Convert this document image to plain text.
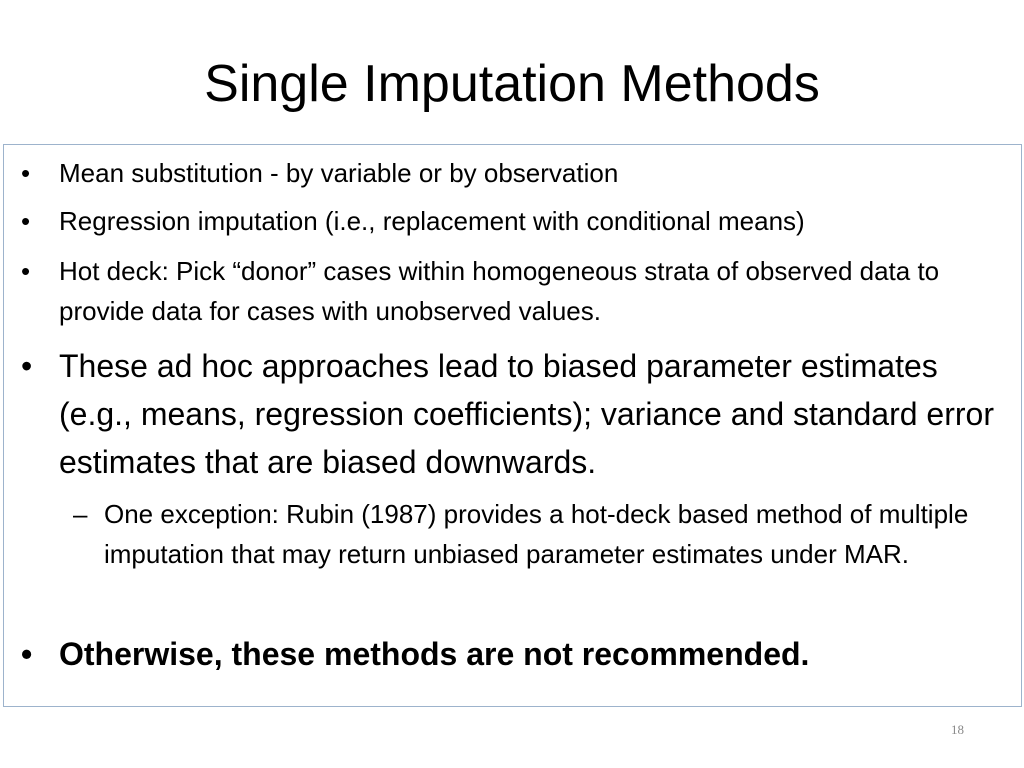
Single Imputation Methods
• Mean substitution - by variable or by observation
• Regression imputation (i.e., replacement with conditional means)
• Hot deck: Pick “donor” cases within homogeneous strata of observed data to provide data for cases with unobserved values.
• These ad hoc approaches lead to biased parameter estimates (e.g., means, regression coefficients); variance and standard error estimates that are biased downwards.
– One exception: Rubin (1987) provides a hot-deck based method of multiple imputation that may return unbiased parameter estimates under MAR.
• Otherwise, these methods are not recommended.
18
